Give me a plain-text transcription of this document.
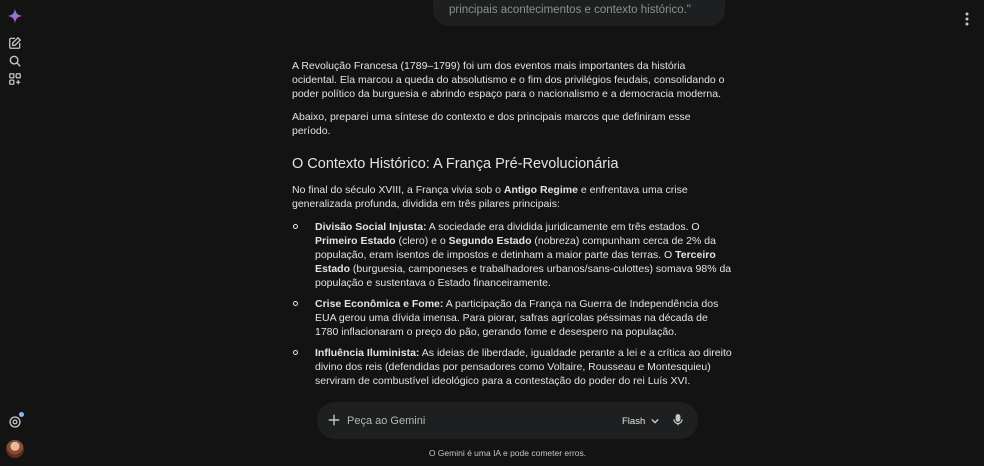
principais acontecimentos e contexto histórico."

A Revolução Francesa (1789–1799) foi um dos eventos mais importantes da história ocidental. Ela marcou a queda do absolutismo e o fim dos privilégios feudais, consolidando o poder político da burguesia e abrindo espaço para o nacionalismo e a democracia moderna.

Abaixo, preparei uma síntese do contexto e dos principais marcos que definiram esse período.

O Contexto Histórico: A França Pré-Revolucionária

No final do século XVIII, a França vivia sob o Antigo Regime e enfrentava uma crise generalizada profunda, dividida em três pilares principais:

Divisão Social Injusta: A sociedade era dividida juridicamente em três estados. O Primeiro Estado (clero) e o Segundo Estado (nobreza) compunham cerca de 2% da população, eram isentos de impostos e detinham a maior parte das terras. O Terceiro Estado (burguesia, camponeses e trabalhadores urbanos/sans-culottes) somava 98% da população e sustentava o Estado financeiramente.
Crise Econômica e Fome: A participação da França na Guerra de Independência dos EUA gerou uma dívida imensa. Para piorar, safras agrícolas péssimas na década de 1780 inflacionaram o preço do pão, gerando fome e desespero na população.
Influência Iluminista: As ideias de liberdade, igualdade perante a lei e a crítica ao direito divino dos reis (defendidas por pensadores como Voltaire, Rousseau e Montesquieu) serviram de combustível ideológico para a contestação do poder do rei Luís XVI.
Peça ao Gemini
Flash
O Gemini é uma IA e pode cometer erros.
